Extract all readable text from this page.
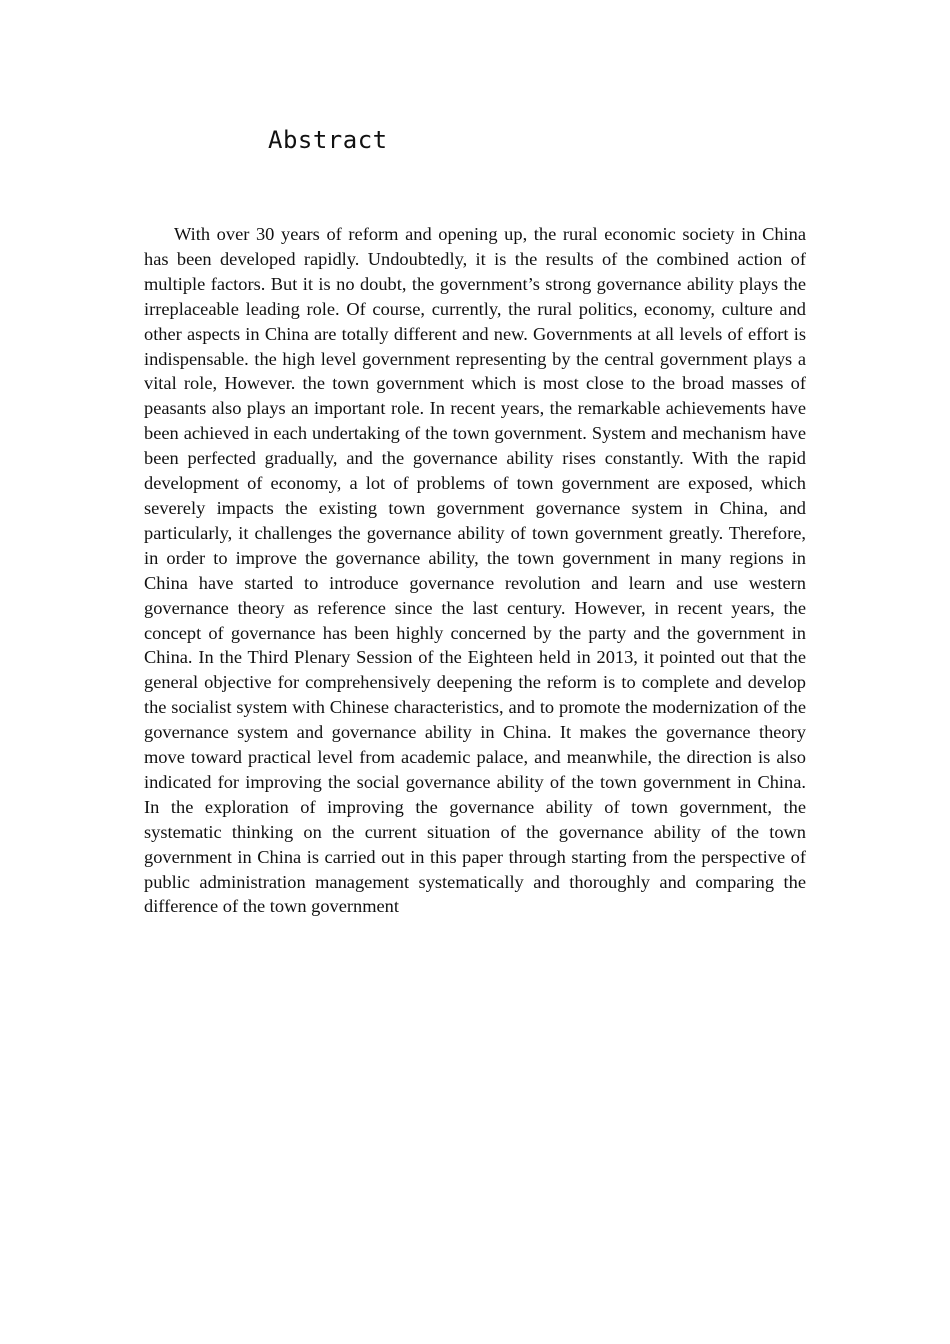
Abstract

With over 30 years of reform and opening up, the rural economic society in China has been developed rapidly. Undoubtedly, it is the results of the combined action of multiple factors. But it is no doubt, the government’s strong governance ability plays the irreplaceable leading role. Of course, currently, the rural politics, economy, culture and other aspects in China are totally different and new. Governments at all levels of effort is indispensable. the high level government representing by the central government plays a vital role, However. the town government which is most close to the broad masses of peasants also plays an important role. In recent years, the remarkable achievements have been achieved in each undertaking of the town government. System and mechanism have been perfected gradually, and the governance ability rises constantly. With the rapid development of economy, a lot of problems of town government are exposed, which severely impacts the existing town government governance system in China, and particularly, it challenges the governance ability of town government greatly. Therefore, in order to improve the governance ability, the town government in many regions in China have started to introduce governance revolution and learn and use western governance theory as reference since the last century. However, in recent years, the concept of governance has been highly concerned by the party and the government in China. In the Third Plenary Session of the Eighteen held in 2013, it pointed out that the general objective for comprehensively deepening the reform is to complete and develop the socialist system with Chinese characteristics, and to promote the modernization of the governance system and governance ability in China. It makes the governance theory move toward practical level from academic palace, and meanwhile, the direction is also indicated for improving the social governance ability of the town government in China. In the exploration of improving the governance ability of town government, the systematic thinking on the current situation of the governance ability of the town government in China is carried out in this paper through starting from the perspective of public administration management systematically and thoroughly and comparing the difference of the town government
